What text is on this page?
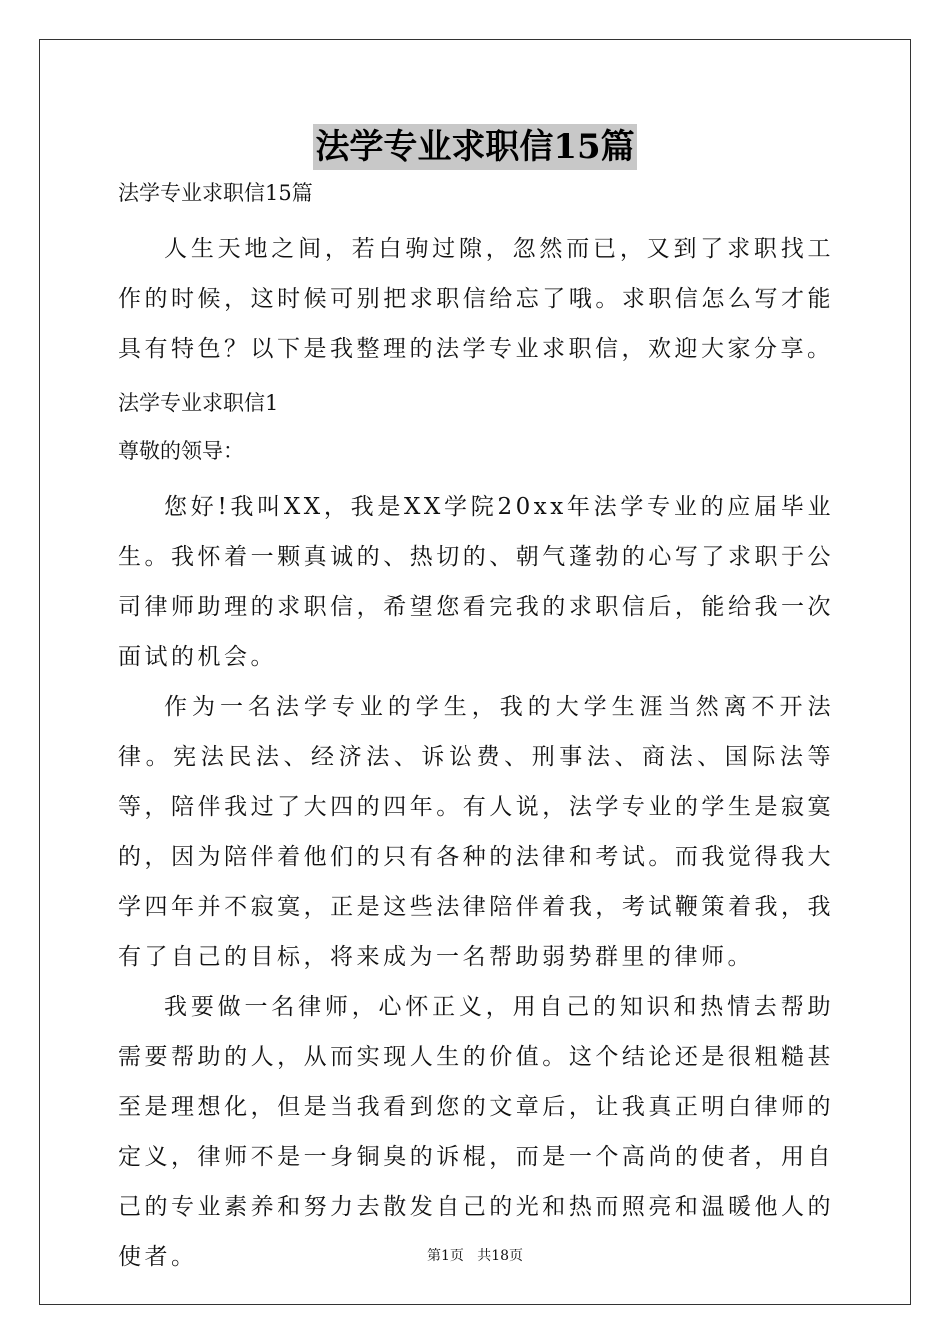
法学专业求职信15篇

法学专业求职信15篇

人生天地之间，若白驹过隙，忽然而已，又到了求职找工作的时候，这时候可别把求职信给忘了哦。求职信怎么写才能具有特色？以下是我整理的法学专业求职信，欢迎大家分享。

法学专业求职信1

尊敬的领导：

您好!我叫XX，我是XX学院20xx年法学专业的应届毕业生。我怀着一颗真诚的、热切的、朝气蓬勃的心写了求职于公司律师助理的求职信，希望您看完我的求职信后，能给我一次面试的机会。

作为一名法学专业的学生，我的大学生涯当然离不开法律。宪法民法、经济法、诉讼费、刑事法、商法、国际法等等，陪伴我过了大四的四年。有人说，法学专业的学生是寂寞的，因为陪伴着他们的只有各种的法律和考试。而我觉得我大学四年并不寂寞，正是这些法律陪伴着我，考试鞭策着我，我有了自己的目标，将来成为一名帮助弱势群里的律师。

我要做一名律师，心怀正义，用自己的知识和热情去帮助需要帮助的人，从而实现人生的价值。这个结论还是很粗糙甚至是理想化，但是当我看到您的文章后，让我真正明白律师的定义，律师不是一身铜臭的诉棍，而是一个高尚的使者，用自己的专业素养和努力去散发自己的光和热而照亮和温暖他人的使者。	第1页   共18页
